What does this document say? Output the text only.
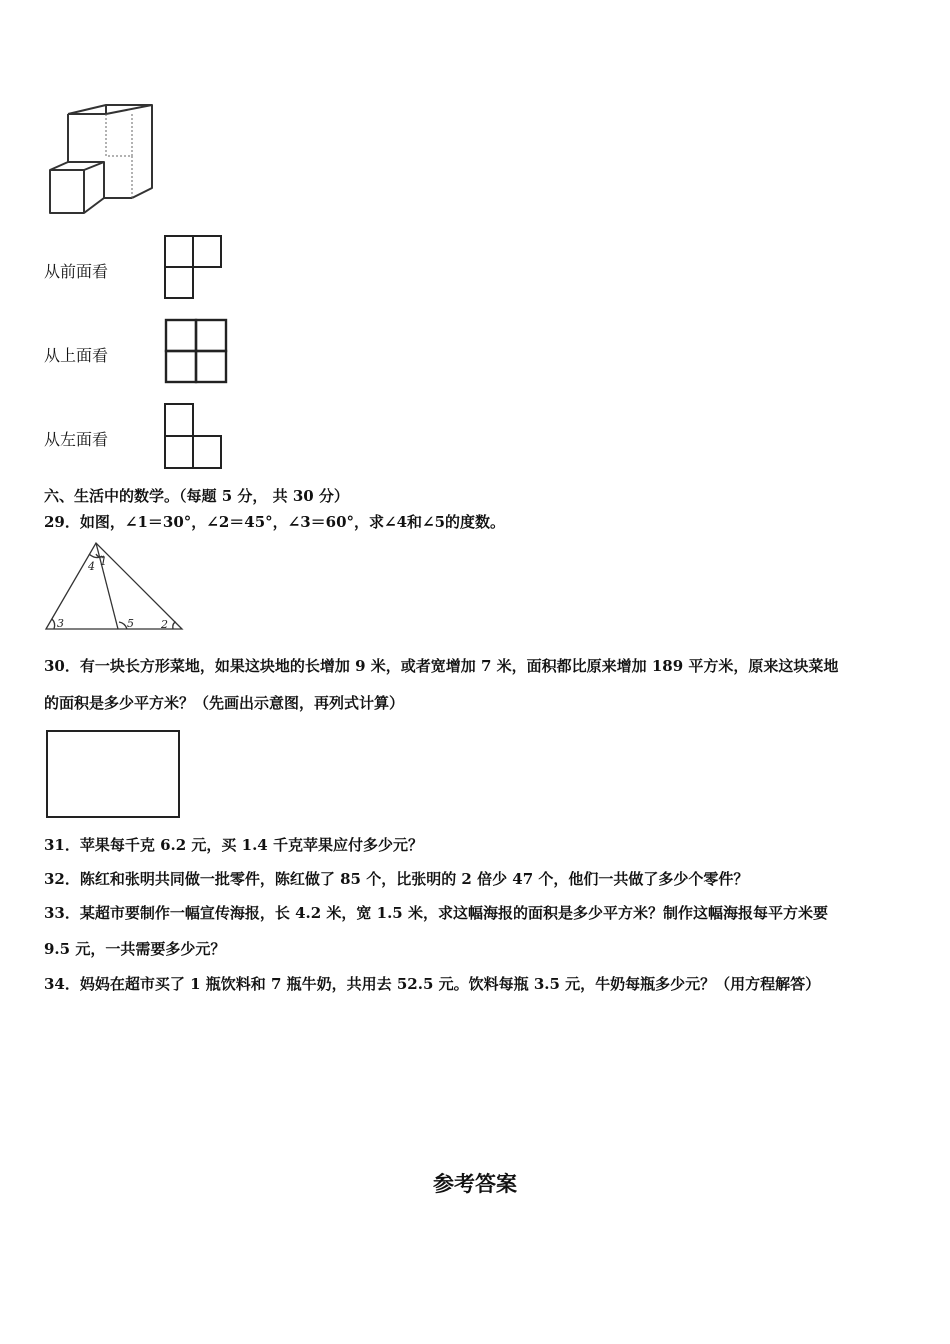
从前面看
从上面看
从左面看
六、生活中的数学。（每题 5 分， 共 30 分）
29．如图，∠1＝30°，∠2＝45°，∠3＝60°，求∠4和∠5的度数。
4 1
3	5 2
30．有一块长方形菜地，如果这块地的长增加 9 米，或者宽增加 7 米，面积都比原来增加 189 平方米，原来这块菜地
的面积是多少平方米？（先画出示意图，再列式计算）
31．苹果每千克 6.2 元，买 1.4 千克苹果应付多少元？
32．陈红和张明共同做一批零件，陈红做了 85 个，比张明的 2 倍少 47 个，他们一共做了多少个零件？
33．某超市要制作一幅宣传海报，长 4.2 米，宽 1.5 米，求这幅海报的面积是多少平方米？制作这幅海报每平方米要
9.5 元，一共需要多少元？
34．妈妈在超市买了 1 瓶饮料和 7 瓶牛奶，共用去 52.5 元。饮料每瓶 3.5 元，牛奶每瓶多少元？（用方程解答）
参考答案
